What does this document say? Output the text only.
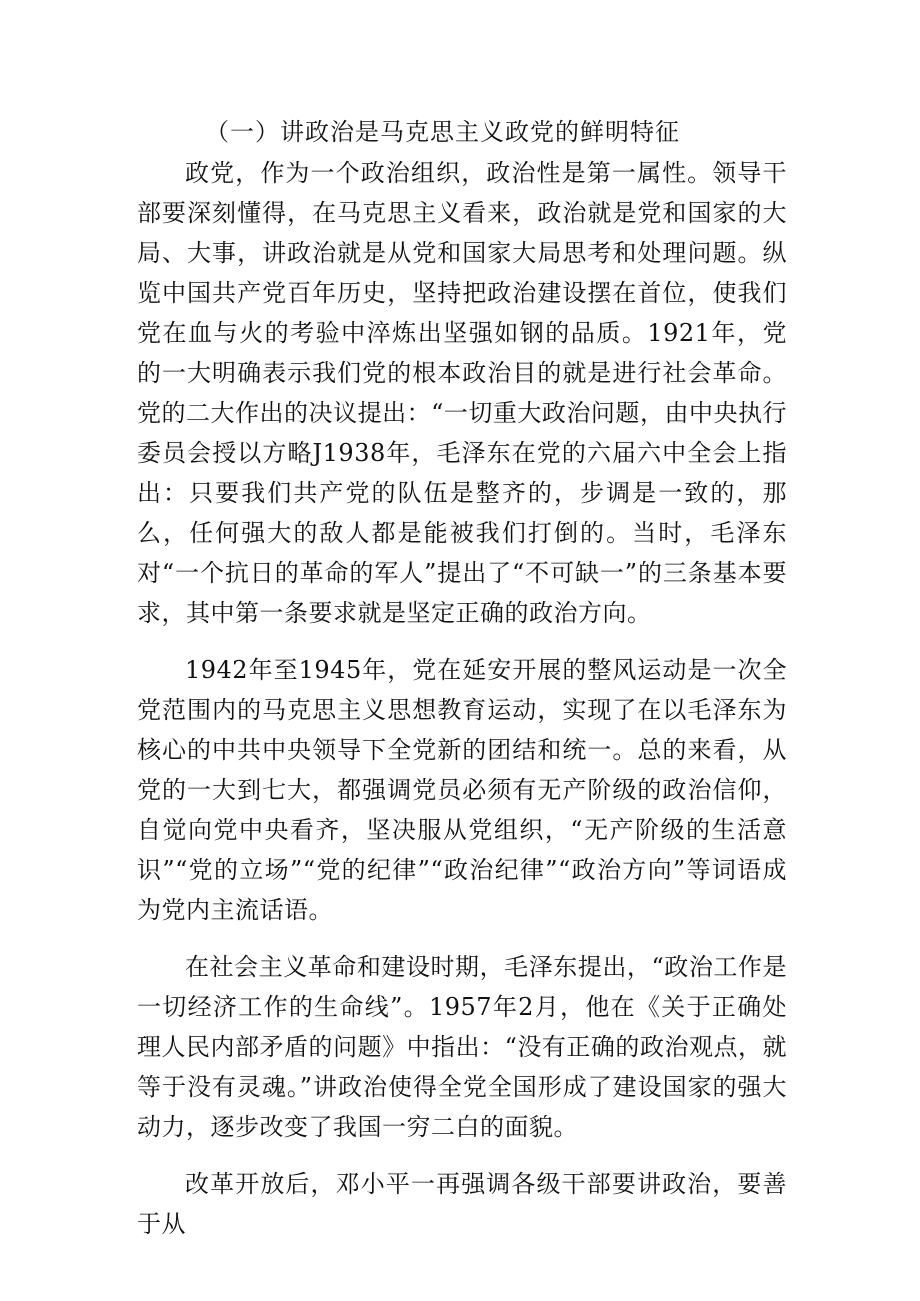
（一）讲政治是马克思主义政党的鲜明特征

政党，作为一个政治组织，政治性是第一属性。领导干部要深刻懂得，在马克思主义看来，政治就是党和国家的大局、大事，讲政治就是从党和国家大局思考和处理问题。纵览中国共产党百年历史，坚持把政治建设摆在首位，使我们党在血与火的考验中淬炼出坚强如钢的品质。1921年，党的一大明确表示我们党的根本政治目的就是进行社会革命。党的二大作出的决议提出：“一切重大政治问题，由中央执行委员会授以方略J1938年，毛泽东在党的六届六中全会上指出：只要我们共产党的队伍是整齐的，步调是一致的，那么，任何强大的敌人都是能被我们打倒的。当时，毛泽东对“一个抗日的革命的军人”提出了“不可缺一”的三条基本要求，其中第一条要求就是坚定正确的政治方向。

1942年至1945年，党在延安开展的整风运动是一次全党范围内的马克思主义思想教育运动，实现了在以毛泽东为核心的中共中央领导下全党新的团结和统一。总的来看，从党的一大到七大，都强调党员必须有无产阶级的政治信仰，自觉向党中央看齐，坚决服从党组织，“无产阶级的生活意识”“党的立场”“党的纪律”“政治纪律”“政治方向”等词语成为党内主流话语。

在社会主义革命和建设时期，毛泽东提出，“政治工作是一切经济工作的生命线”。1957年2月，他在《关于正确处理人民内部矛盾的问题》中指出：“没有正确的政治观点，就等于没有灵魂。”讲政治使得全党全国形成了建设国家的强大动力，逐步改变了我国一穷二白的面貌。

改革开放后，邓小平一再强调各级干部要讲政治，要善于从
